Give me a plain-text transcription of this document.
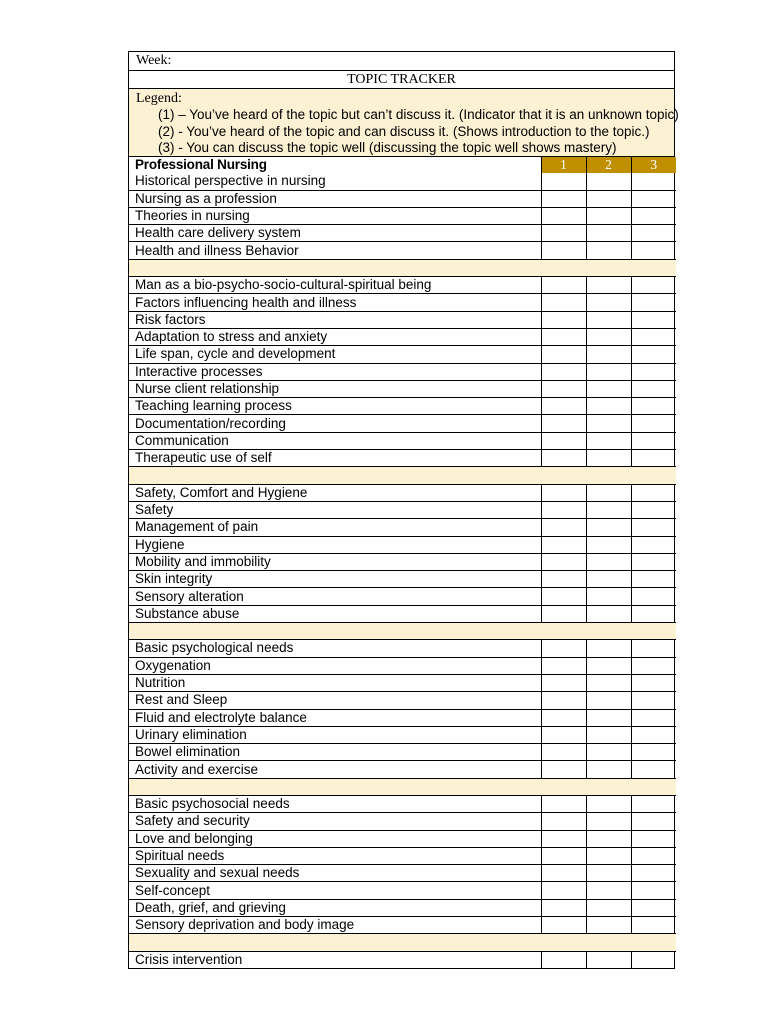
Week:
TOPIC TRACKER
Legend:
(1) – You’ve heard of the topic but can’t discuss it. (Indicator that it is an unknown topic)
(2) - You’ve heard of the topic and can discuss it. (Shows introduction to the topic.)
(3) - You can discuss the topic well (discussing the topic well shows mastery)
Professional Nursing	1	2	3
Historical perspective in nursing			
Nursing as a profession			
Theories in nursing			
Health care delivery system			
Health and illness Behavior			

Man as a bio-psycho-socio-cultural-spiritual being			
Factors influencing health and illness			
Risk factors			
Adaptation to stress and anxiety			
Life span, cycle and development			
Interactive processes			
Nurse client relationship			
Teaching learning process			
Documentation/recording			
Communication			
Therapeutic use of self			

Safety, Comfort and Hygiene			
Safety			
Management of pain			
Hygiene			
Mobility and immobility			
Skin integrity			
Sensory alteration			
Substance abuse			

Basic psychological needs			
Oxygenation			
Nutrition			
Rest and Sleep			
Fluid and electrolyte balance			
Urinary elimination			
Bowel elimination			
Activity and exercise			

Basic psychosocial needs			
Safety and security			
Love and belonging			
Spiritual needs			
Sexuality and sexual needs			
Self-concept			
Death, grief, and grieving			
Sensory deprivation and body image			

Crisis intervention			
